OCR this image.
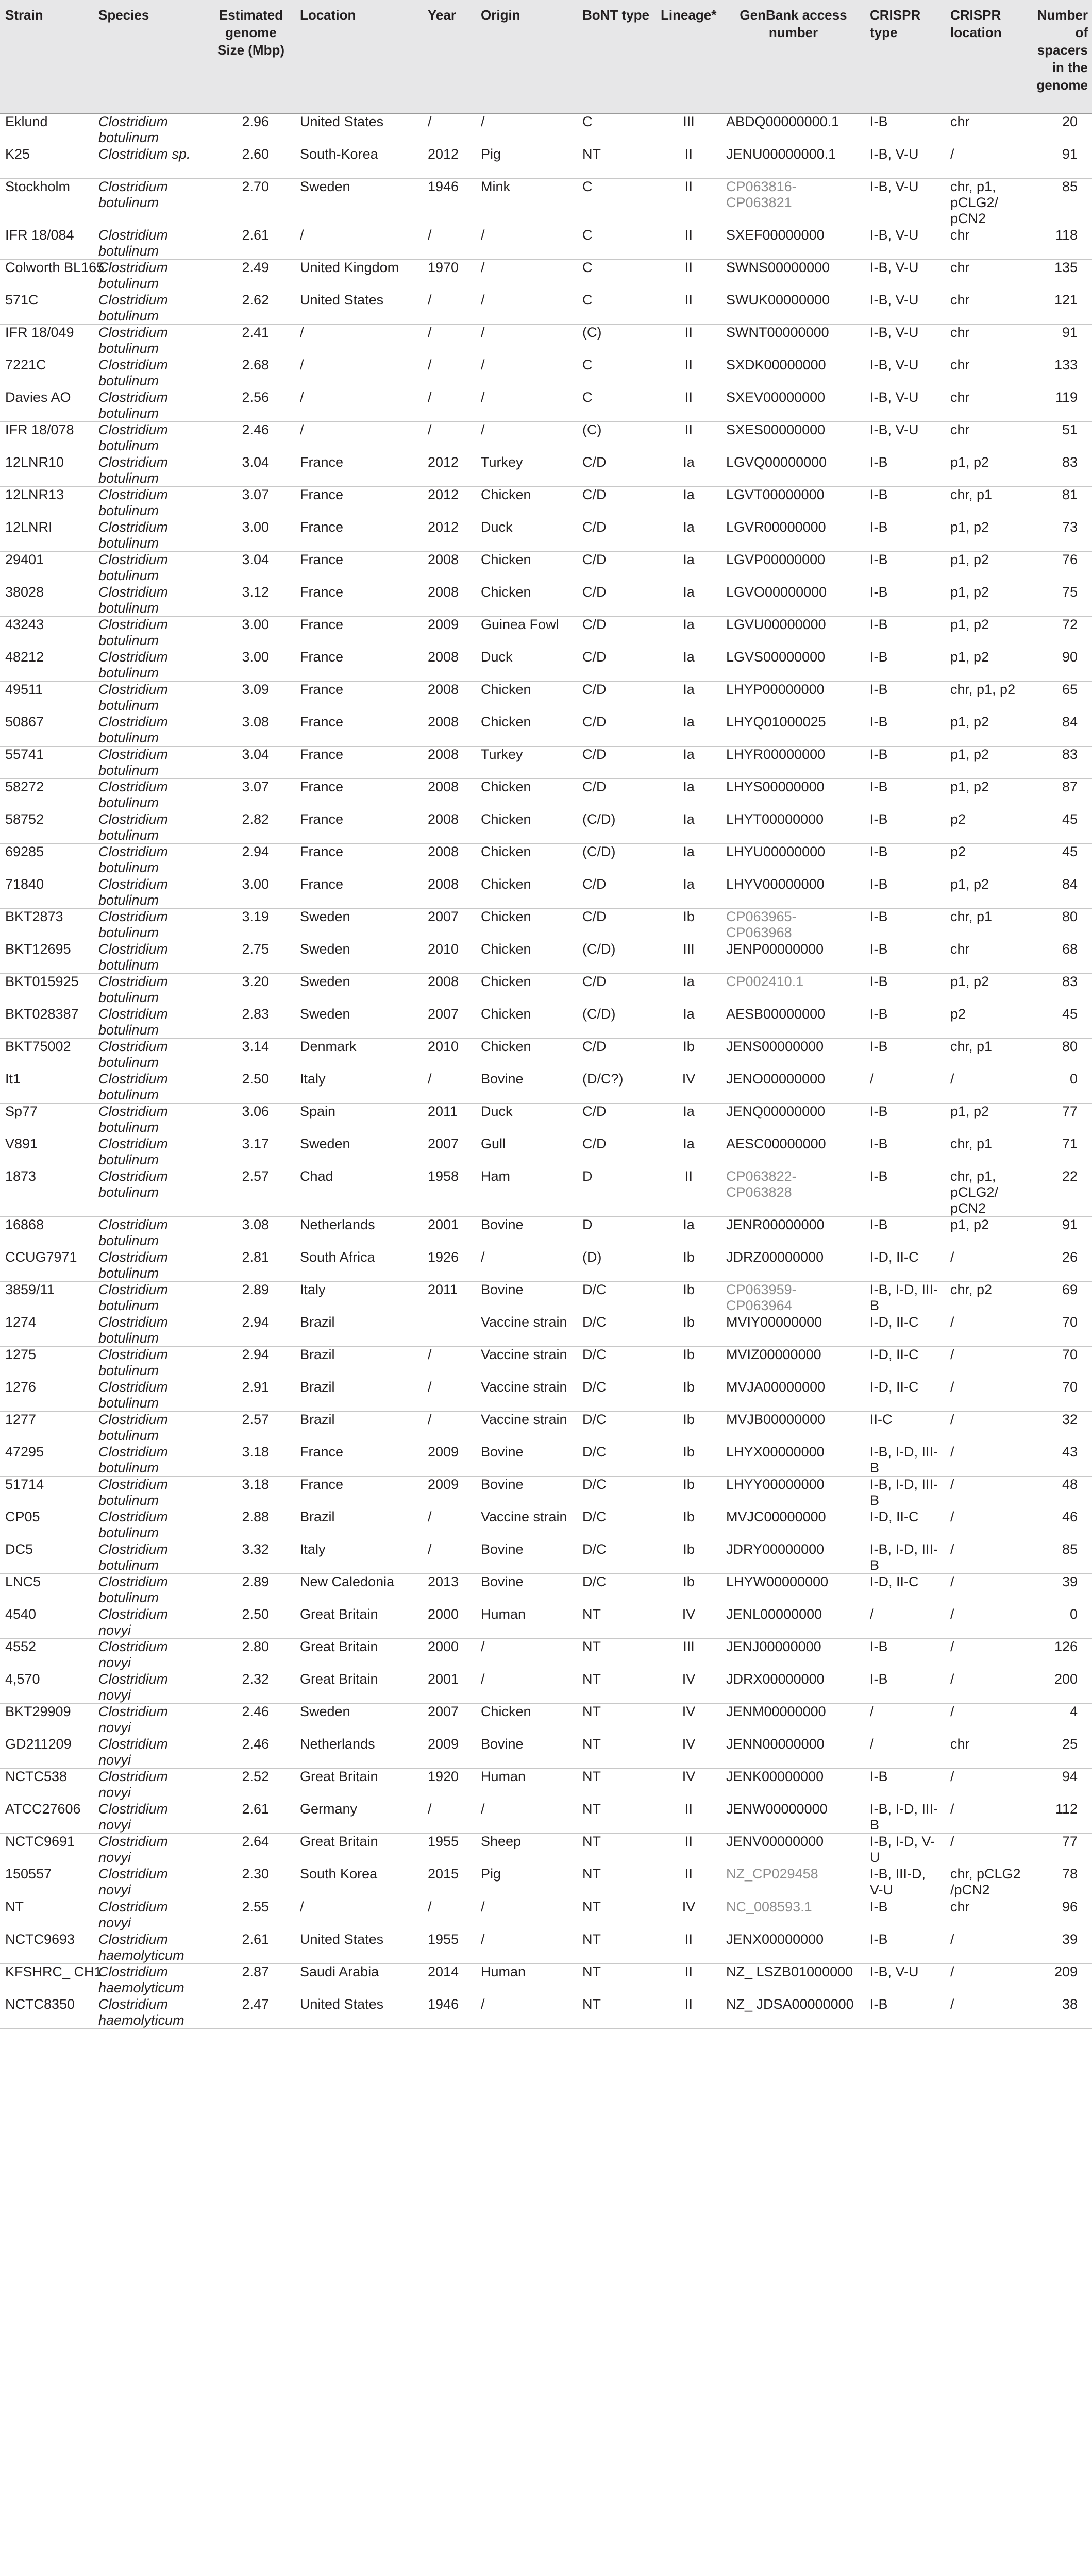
Strain	Species	Estimated genome Size (Mbp)	Location	Year	Origin	BoNT type	Lineage*	GenBank access number	CRISPR type	CRISPR location	Number of spacers in the genome
Eklund	Clostridium botulinum	2.96	United States	/	/	C	III	ABDQ00000000.1	I-B	chr	20
K25	Clostridium sp.	2.60	South-Korea	2012	Pig	NT	II	JENU00000000.1	I-B, V-U	/	91
Stockholm	Clostridium botulinum	2.70	Sweden	1946	Mink	C	II	CP063816-CP063821	I-B, V-U	chr, p1, pCLG2/ pCN2	85
IFR 18/084	Clostridium botulinum	2.61	/	/	/	C	II	SXEF00000000	I-B, V-U	chr	118
Colworth BL165	Clostridium botulinum	2.49	United Kingdom	1970	/	C	II	SWNS00000000	I-B, V-U	chr	135
571C	Clostridium botulinum	2.62	United States	/	/	C	II	SWUK00000000	I-B, V-U	chr	121
IFR 18/049	Clostridium botulinum	2.41	/	/	/	(C)	II	SWNT00000000	I-B, V-U	chr	91
7221C	Clostridium botulinum	2.68	/	/	/	C	II	SXDK00000000	I-B, V-U	chr	133
Davies AO	Clostridium botulinum	2.56	/	/	/	C	II	SXEV00000000	I-B, V-U	chr	119
IFR 18/078	Clostridium botulinum	2.46	/	/	/	(C)	II	SXES00000000	I-B, V-U	chr	51
12LNR10	Clostridium botulinum	3.04	France	2012	Turkey	C/D	Ia	LGVQ00000000	I-B	p1, p2	83
12LNR13	Clostridium botulinum	3.07	France	2012	Chicken	C/D	Ia	LGVT00000000	I-B	chr, p1	81
12LNRI	Clostridium botulinum	3.00	France	2012	Duck	C/D	Ia	LGVR00000000	I-B	p1, p2	73
29401	Clostridium botulinum	3.04	France	2008	Chicken	C/D	Ia	LGVP00000000	I-B	p1, p2	76
38028	Clostridium botulinum	3.12	France	2008	Chicken	C/D	Ia	LGVO00000000	I-B	p1, p2	75
43243	Clostridium botulinum	3.00	France	2009	Guinea Fowl	C/D	Ia	LGVU00000000	I-B	p1, p2	72
48212	Clostridium botulinum	3.00	France	2008	Duck	C/D	Ia	LGVS00000000	I-B	p1, p2	90
49511	Clostridium botulinum	3.09	France	2008	Chicken	C/D	Ia	LHYP00000000	I-B	chr, p1, p2	65
50867	Clostridium botulinum	3.08	France	2008	Chicken	C/D	Ia	LHYQ01000025	I-B	p1, p2	84
55741	Clostridium botulinum	3.04	France	2008	Turkey	C/D	Ia	LHYR00000000	I-B	p1, p2	83
58272	Clostridium botulinum	3.07	France	2008	Chicken	C/D	Ia	LHYS00000000	I-B	p1, p2	87
58752	Clostridium botulinum	2.82	France	2008	Chicken	(C/D)	Ia	LHYT00000000	I-B	p2	45
69285	Clostridium botulinum	2.94	France	2008	Chicken	(C/D)	Ia	LHYU00000000	I-B	p2	45
71840	Clostridium botulinum	3.00	France	2008	Chicken	C/D	Ia	LHYV00000000	I-B	p1, p2	84
BKT2873	Clostridium botulinum	3.19	Sweden	2007	Chicken	C/D	Ib	CP063965-CP063968	I-B	chr, p1	80
BKT12695	Clostridium botulinum	2.75	Sweden	2010	Chicken	(C/D)	III	JENP00000000	I-B	chr	68
BKT015925	Clostridium botulinum	3.20	Sweden	2008	Chicken	C/D	Ia	CP002410.1	I-B	p1, p2	83
BKT028387	Clostridium botulinum	2.83	Sweden	2007	Chicken	(C/D)	Ia	AESB00000000	I-B	p2	45
BKT75002	Clostridium botulinum	3.14	Denmark	2010	Chicken	C/D	Ib	JENS00000000	I-B	chr, p1	80
It1	Clostridium botulinum	2.50	Italy	/	Bovine	(D/C?)	IV	JENO00000000	/	/	0
Sp77	Clostridium botulinum	3.06	Spain	2011	Duck	C/D	Ia	JENQ00000000	I-B	p1, p2	77
V891	Clostridium botulinum	3.17	Sweden	2007	Gull	C/D	Ia	AESC00000000	I-B	chr, p1	71
1873	Clostridium botulinum	2.57	Chad	1958	Ham	D	II	CP063822-CP063828	I-B	chr, p1, pCLG2/ pCN2	22
16868	Clostridium botulinum	3.08	Netherlands	2001	Bovine	D	Ia	JENR00000000	I-B	p1, p2	91
CCUG7971	Clostridium botulinum	2.81	South Africa	1926	/	(D)	Ib	JDRZ00000000	I-D, II-C	/	26
3859/11	Clostridium botulinum	2.89	Italy	2011	Bovine	D/C	Ib	CP063959-CP063964	I-B, I-D, III-B	chr, p2	69
1274	Clostridium botulinum	2.94	Brazil		Vaccine strain	D/C	Ib	MVIY00000000	I-D, II-C	/	70
1275	Clostridium botulinum	2.94	Brazil	/	Vaccine strain	D/C	Ib	MVIZ00000000	I-D, II-C	/	70
1276	Clostridium botulinum	2.91	Brazil	/	Vaccine strain	D/C	Ib	MVJA00000000	I-D, II-C	/	70
1277	Clostridium botulinum	2.57	Brazil	/	Vaccine strain	D/C	Ib	MVJB00000000	II-C	/	32
47295	Clostridium botulinum	3.18	France	2009	Bovine	D/C	Ib	LHYX00000000	I-B, I-D, III-B	/	43
51714	Clostridium botulinum	3.18	France	2009	Bovine	D/C	Ib	LHYY00000000	I-B, I-D, III-B	/	48
CP05	Clostridium botulinum	2.88	Brazil	/	Vaccine strain	D/C	Ib	MVJC00000000	I-D, II-C	/	46
DC5	Clostridium botulinum	3.32	Italy	/	Bovine	D/C	Ib	JDRY00000000	I-B, I-D, III-B	/	85
LNC5	Clostridium botulinum	2.89	New Caledonia	2013	Bovine	D/C	Ib	LHYW00000000	I-D, II-C	/	39
4540	Clostridium novyi	2.50	Great Britain	2000	Human	NT	IV	JENL00000000	/	/	0
4552	Clostridium novyi	2.80	Great Britain	2000	/	NT	III	JENJ00000000	I-B	/	126
4,570	Clostridium novyi	2.32	Great Britain	2001	/	NT	IV	JDRX00000000	I-B	/	200
BKT29909	Clostridium novyi	2.46	Sweden	2007	Chicken	NT	IV	JENM00000000	/	/	4
GD211209	Clostridium novyi	2.46	Netherlands	2009	Bovine	NT	IV	JENN00000000	/	chr	25
NCTC538	Clostridium novyi	2.52	Great Britain	1920	Human	NT	IV	JENK00000000	I-B	/	94
ATCC27606	Clostridium novyi	2.61	Germany	/	/	NT	II	JENW00000000	I-B, I-D, III-B	/	112
NCTC9691	Clostridium novyi	2.64	Great Britain	1955	Sheep	NT	II	JENV00000000	I-B, I-D, V-U	/	77
150557	Clostridium novyi	2.30	South Korea	2015	Pig	NT	II	NZ_CP029458	I-B, III-D, V-U	chr, pCLG2 /pCN2	78
NT	Clostridium novyi	2.55	/	/	/	NT	IV	NC_008593.1	I-B	chr	96
NCTC9693	Clostridium haemolyticum	2.61	United States	1955	/	NT	II	JENX00000000	I-B	/	39
KFSHRC_ CH1	Clostridium haemolyticum	2.87	Saudi Arabia	2014	Human	NT	II	NZ_ LSZB01000000	I-B, V-U	/	209
NCTC8350	Clostridium haemolyticum	2.47	United States	1946	/	NT	II	NZ_ JDSA00000000	I-B	/	38
